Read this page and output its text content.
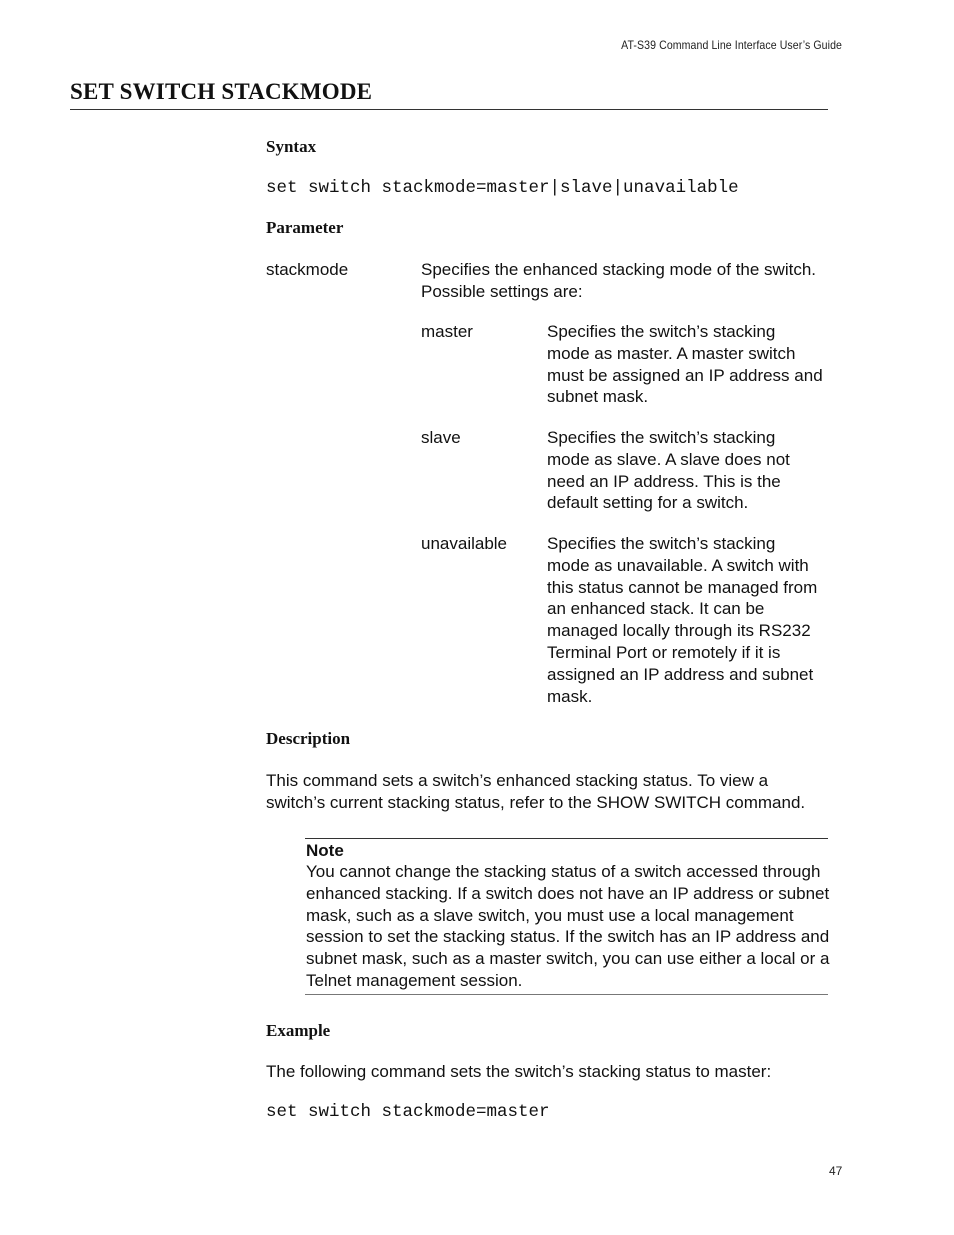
AT-S39 Command Line Interface User’s Guide
SET SWITCH STACKMODE
Syntax
set switch stackmode=master|slave|unavailable
Parameter
stackmode	Specifies the enhanced stacking mode of the switch.
Possible settings are:
master	Specifies the switch’s stacking
mode as master. A master switch
must be assigned an IP address and
subnet mask.
slave	Specifies the switch’s stacking
mode as slave. A slave does not
need an IP address. This is the
default setting for a switch.
unavailable Specifies the switch’s stacking
mode as unavailable. A switch with
this status cannot be managed from
an enhanced stack. It can be
managed locally through its RS232
Terminal Port or remotely if it is
assigned an IP address and subnet
mask.
Description
This command sets a switch’s enhanced stacking status. To view a
switch’s current stacking status, refer to the SHOW SWITCH command.
Note
You cannot change the stacking status of a switch accessed through
enhanced stacking. If a switch does not have an IP address or subnet
mask, such as a slave switch, you must use a local management
session to set the stacking status. If the switch has an IP address and
subnet mask, such as a master switch, you can use either a local or a
Telnet management session.
Example
The following command sets the switch’s stacking status to master:
set switch stackmode=master
47
